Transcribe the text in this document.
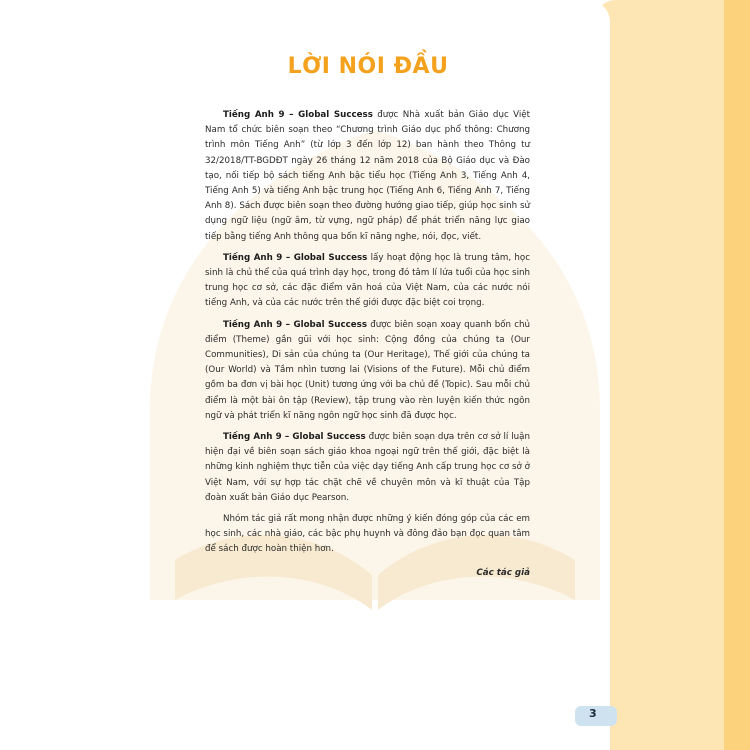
LỜI NÓI ĐẦU

Tiếng Anh 9 – Global Success được Nhà xuất bản Giáo dục Việt Nam tổ chức biên soạn theo “Chương trình Giáo dục phổ thông: Chương trình môn Tiếng Anh” (từ lớp 3 đến lớp 12) ban hành theo Thông tư 32/2018/TT-BGDĐT ngày 26 tháng 12 năm 2018 của Bộ Giáo dục và Đào tạo, nối tiếp bộ sách tiếng Anh bậc tiểu học (Tiếng Anh 3, Tiếng Anh 4, Tiếng Anh 5) và tiếng Anh bậc trung học (Tiếng Anh 6, Tiếng Anh 7, Tiếng Anh 8). Sách được biên soạn theo đường hướng giao tiếp, giúp học sinh sử dụng ngữ liệu (ngữ âm, từ vựng, ngữ pháp) để phát triển năng lực giao tiếp bằng tiếng Anh thông qua bốn kĩ năng nghe, nói, đọc, viết.

Tiếng Anh 9 – Global Success lấy hoạt động học là trung tâm, học sinh là chủ thể của quá trình dạy học, trong đó tâm lí lứa tuổi của học sinh trung học cơ sở, các đặc điểm văn hoá của Việt Nam, của các nước nói tiếng Anh, và của các nước trên thế giới được đặc biệt coi trọng.

Tiếng Anh 9 – Global Success được biên soạn xoay quanh bốn chủ điểm (Theme) gần gũi với học sinh: Cộng đồng của chúng ta (Our Communities), Di sản của chúng ta (Our Heritage), Thế giới của chúng ta (Our World) và Tầm nhìn tương lai (Visions of the Future). Mỗi chủ điểm gồm ba đơn vị bài học (Unit) tương ứng với ba chủ đề (Topic). Sau mỗi chủ điểm là một bài ôn tập (Review), tập trung vào rèn luyện kiến thức ngôn ngữ và phát triển kĩ năng ngôn ngữ học sinh đã được học.

Tiếng Anh 9 – Global Success được biên soạn dựa trên cơ sở lí luận hiện đại về biên soạn sách giáo khoa ngoại ngữ trên thế giới, đặc biệt là những kinh nghiệm thực tiễn của việc dạy tiếng Anh cấp trung học cơ sở ở Việt Nam, với sự hợp tác chặt chẽ về chuyên môn và kĩ thuật của Tập đoàn xuất bản Giáo dục Pearson.

Nhóm tác giả rất mong nhận được những ý kiến đóng góp của các em học sinh, các nhà giáo, các bậc phụ huynh và đông đảo bạn đọc quan tâm để sách được hoàn thiện hơn.

Các tác giả
3
